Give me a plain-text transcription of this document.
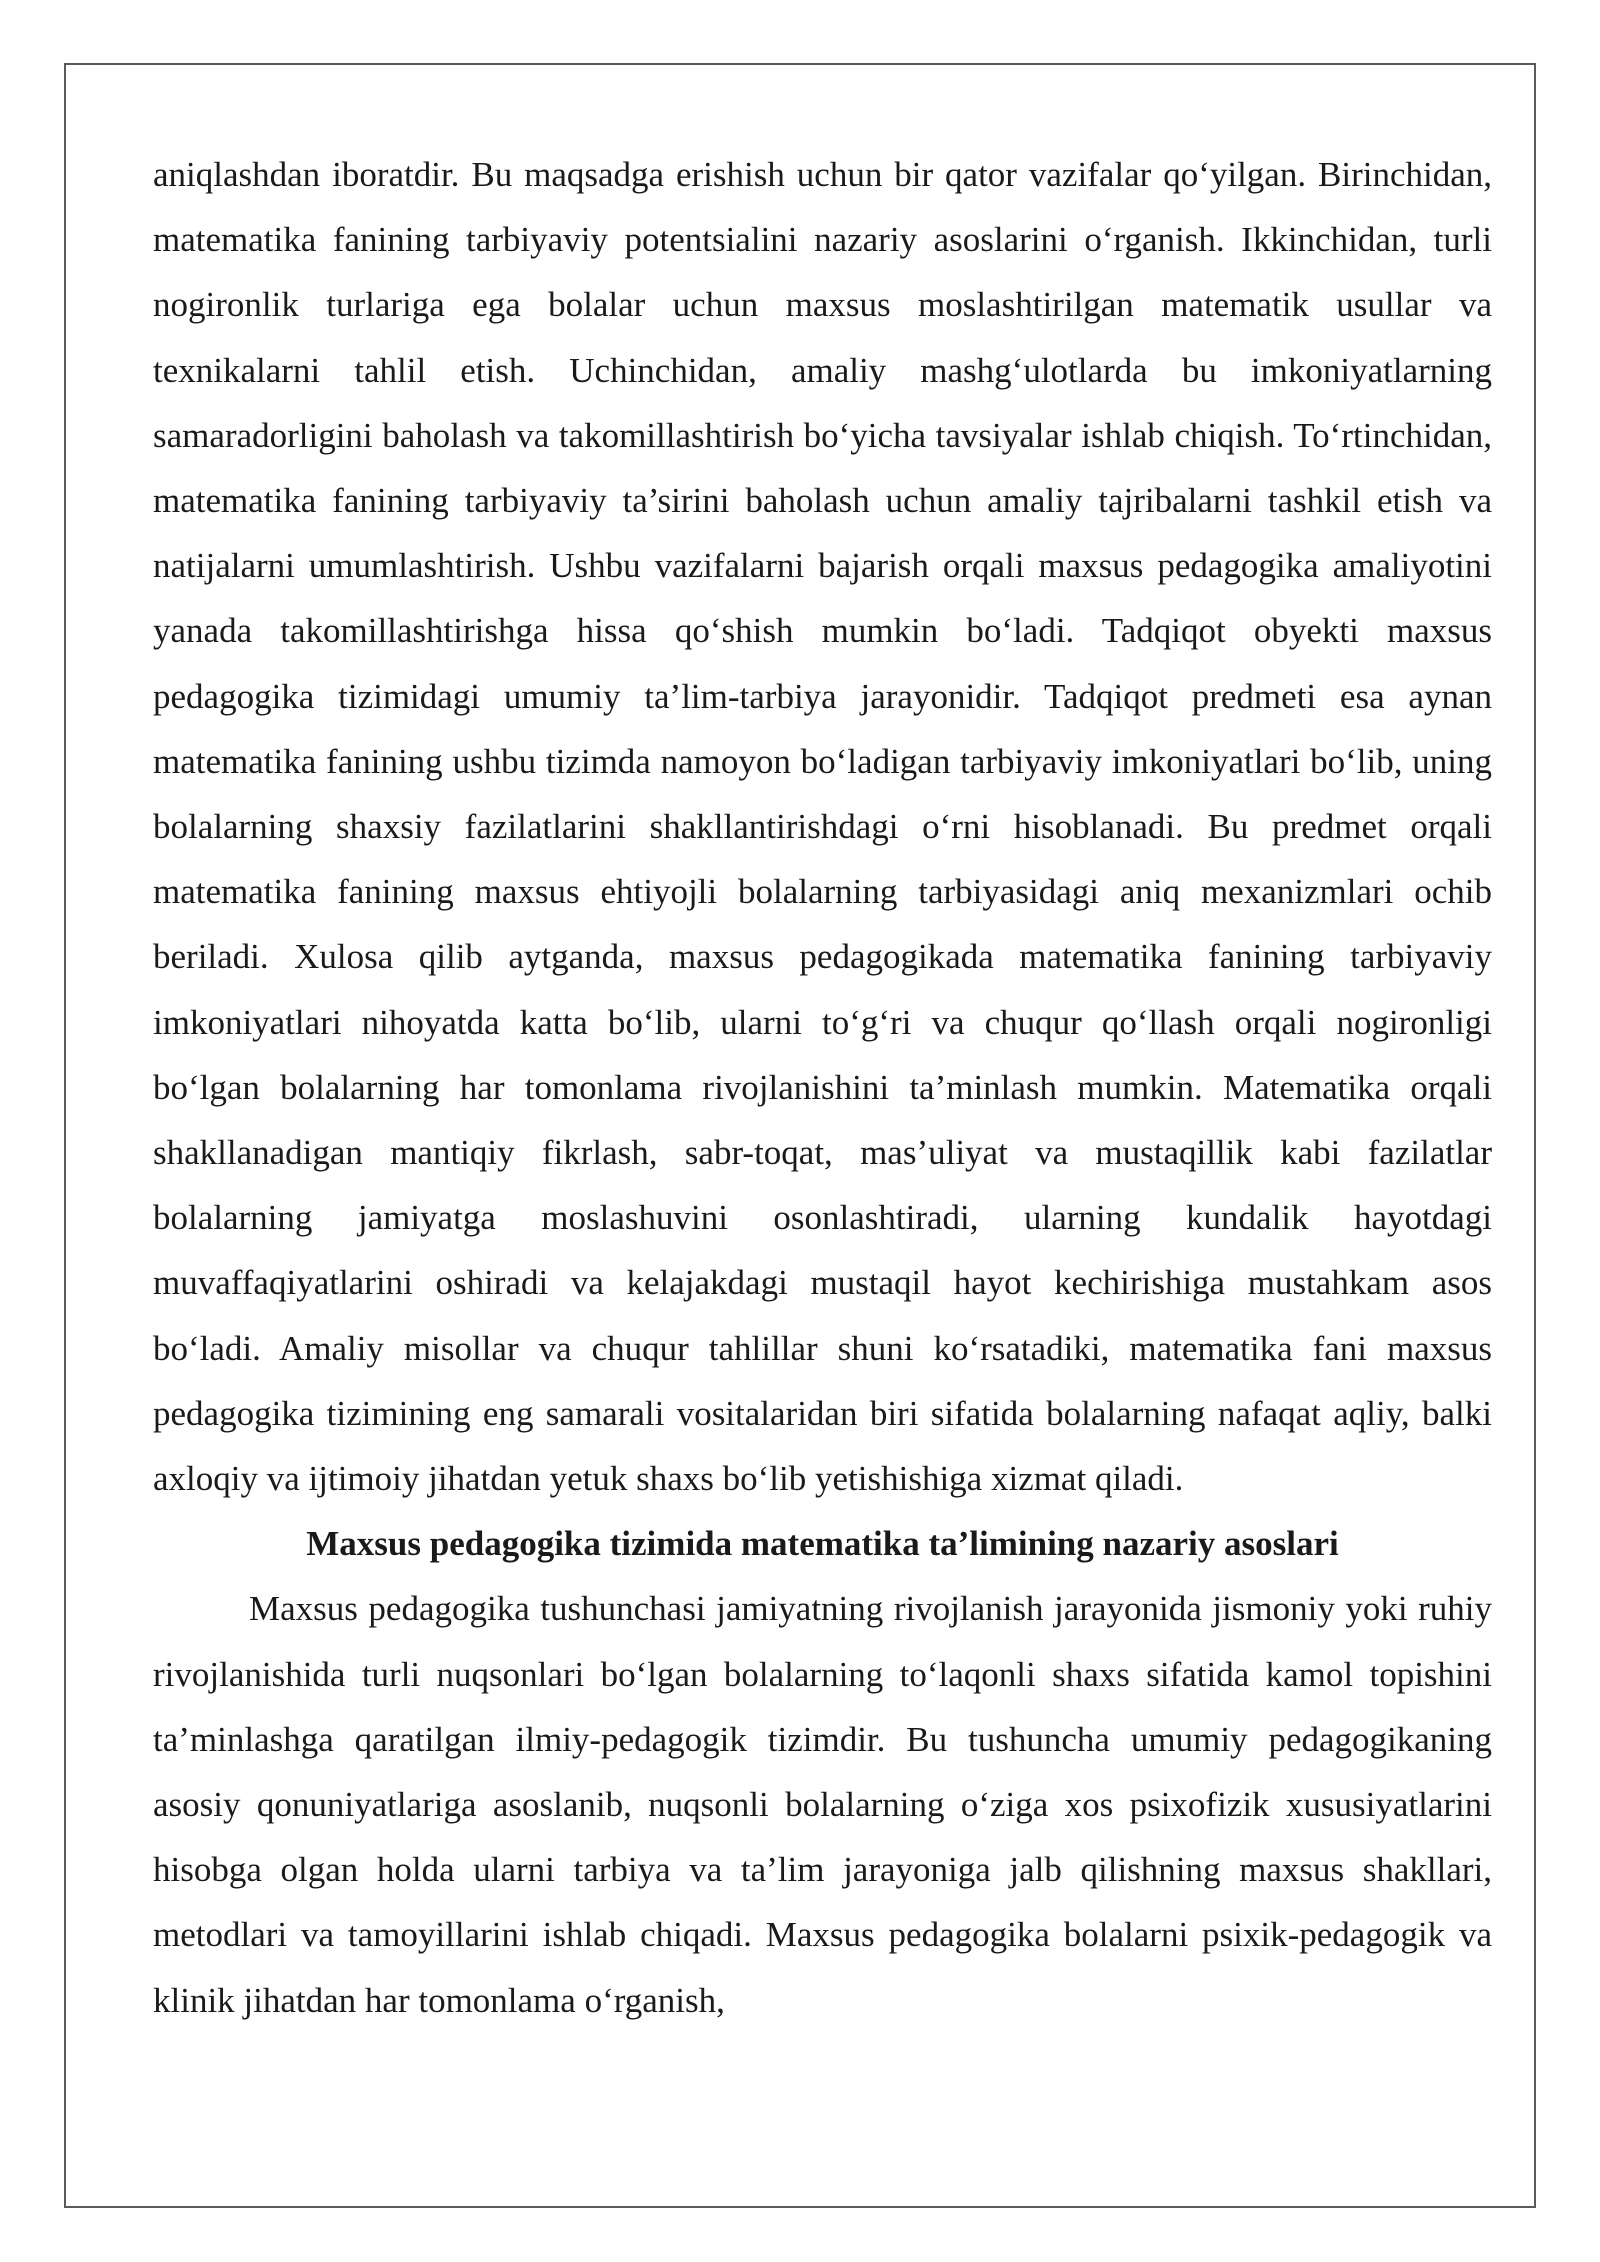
aniqlashdan iboratdir. Bu maqsadga erishish uchun bir qator vazifalar qo‘yilgan. Birinchidan, matematika fanining tarbiyaviy potentsialini nazariy asoslarini o‘rganish. Ikkinchidan, turli nogironlik turlariga ega bolalar uchun maxsus moslashtirilgan matematik usullar va texnikalarni tahlil etish. Uchinchidan, amaliy mashg‘ulotlarda bu imkoniyatlarning samaradorligini baholash va takomillashtirish bo‘yicha tavsiyalar ishlab chiqish. To‘rtinchidan, matematika fanining tarbiyaviy ta’sirini baholash uchun amaliy tajribalarni tashkil etish va natijalarni umumlashtirish. Ushbu vazifalarni bajarish orqali maxsus pedagogika amaliyotini yanada takomillashtirishga hissa qo‘shish mumkin bo‘ladi. Tadqiqot obyekti maxsus pedagogika tizimidagi umumiy ta’lim-tarbiya jarayonidir. Tadqiqot predmeti esa aynan matematika fanining ushbu tizimda namoyon bo‘ladigan tarbiyaviy imkoniyatlari bo‘lib, uning bolalarning shaxsiy fazilatlarini shakllantirishdagi o‘rni hisoblanadi. Bu predmet orqali matematika fanining maxsus ehtiyojli bolalarning tarbiyasidagi aniq mexanizmlari ochib beriladi. Xulosa qilib aytganda, maxsus pedagogikada matematika fanining tarbiyaviy imkoniyatlari nihoyatda katta bo‘lib, ularni to‘g‘ri va chuqur qo‘llash orqali nogironligi bo‘lgan bolalarning har tomonlama rivojlanishini ta’minlash mumkin. Matematika orqali shakllanadigan mantiqiy fikrlash, sabr-toqat, mas’uliyat va mustaqillik kabi fazilatlar bolalarning jamiyatga moslashuvini osonlashtiradi, ularning kundalik hayotdagi muvaffaqiyatlarini oshiradi va kelajakdagi mustaqil hayot kechirishiga mustahkam asos bo‘ladi. Amaliy misollar va chuqur tahlillar shuni ko‘rsatadiki, matematika fani maxsus pedagogika tizimining eng samarali vositalaridan biri sifatida bolalarning nafaqat aqliy, balki axloqiy va ijtimoiy jihatdan yetuk shaxs bo‘lib yetishishiga xizmat qiladi.

Maxsus pedagogika tizimida matematika ta’limining nazariy asoslari

Maxsus pedagogika tushunchasi jamiyatning rivojlanish jarayonida jismoniy yoki ruhiy rivojlanishida turli nuqsonlari bo‘lgan bolalarning to‘laqonli shaxs sifatida kamol topishini ta’minlashga qaratilgan ilmiy-pedagogik tizimdir. Bu tushuncha umumiy pedagogikaning asosiy qonuniyatlariga asoslanib, nuqsonli bolalarning o‘ziga xos psixofizik xususiyatlarini hisobga olgan holda ularni tarbiya va ta’lim jarayoniga jalb qilishning maxsus shakllari, metodlari va tamoyillarini ishlab chiqadi. Maxsus pedagogika bolalarni psixik-pedagogik va klinik jihatdan har tomonlama o‘rganish,
